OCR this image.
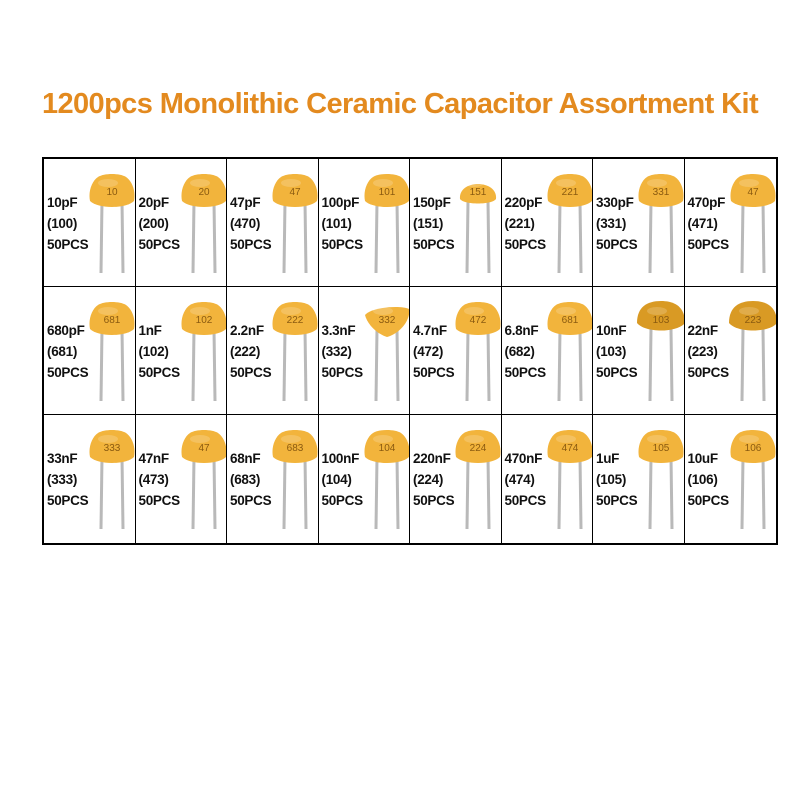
1200pcs Monolithic Ceramic Capacitor Assortment Kit
10pF
(100)
50PCS
10
20pF
(200)
50PCS
20
47pF
(470)
50PCS
47
100pF
(101)
50PCS
101
150pF
(151)
50PCS
151
220pF
(221)
50PCS
221
330pF
(331)
50PCS
331
470pF
(471)
50PCS
47
680pF
(681)
50PCS
681
1nF
(102)
50PCS
102
2.2nF
(222)
50PCS
222
3.3nF
(332)
50PCS
332
4.7nF
(472)
50PCS
472
6.8nF
(682)
50PCS
681
10nF
(103)
50PCS
103
22nF
(223)
50PCS
223
33nF
(333)
50PCS
333
47nF
(473)
50PCS
47
68nF
(683)
50PCS
683
100nF
(104)
50PCS
104
220nF
(224)
50PCS
224
470nF
(474)
50PCS
474
1uF
(105)
50PCS
105
10uF
(106)
50PCS
106
